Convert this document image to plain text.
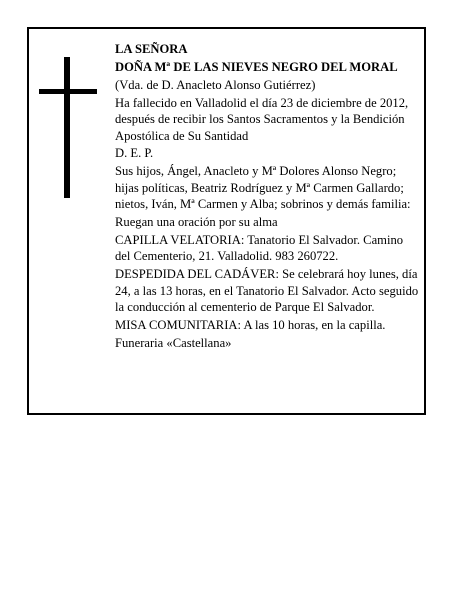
LA SEÑORA

DOÑA Mª DE LAS NIEVES NEGRO DEL MORAL

(Vda. de D. Anacleto Alonso Gutiérrez)

Ha fallecido en Valladolid el día 23 de diciembre de 2012, después de recibir los Santos Sacramentos y la Bendición Apostólica de Su Santidad

D. E. P.

Sus hijos, Ángel, Anacleto y Mª Dolores Alonso Negro; hijas políticas, Beatriz Rodríguez y Mª Carmen Gallardo; nietos, Iván, Mª Carmen y Alba; sobrinos y demás familia:

Ruegan una oración por su alma

CAPILLA VELATORIA: Tanatorio El Salvador. Camino del Cementerio, 21. Valladolid. 983 260722.

DESPEDIDA DEL CADÁVER: Se celebrará hoy lunes, día 24, a las 13 horas, en el Tanatorio El Salvador. Acto seguido la conducción al cementerio de Parque El Salvador.

MISA COMUNITARIA: A las 10 horas, en la capilla.

Funeraria «Castellana»
